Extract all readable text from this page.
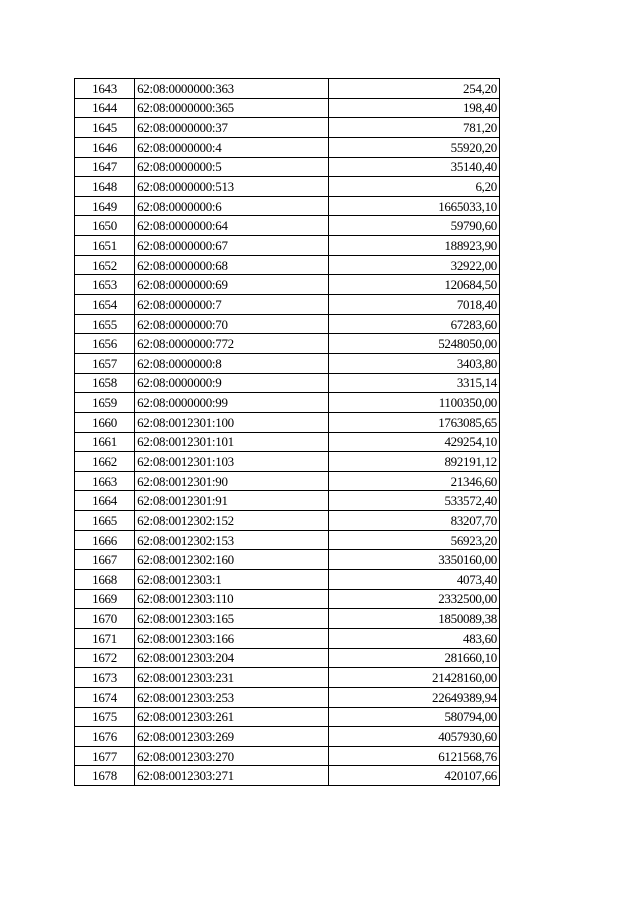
1643	62:08:0000000:363	254,20
1644	62:08:0000000:365	198,40
1645	62:08:0000000:37	781,20
1646	62:08:0000000:4	55920,20
1647	62:08:0000000:5	35140,40
1648	62:08:0000000:513	6,20
1649	62:08:0000000:6	1665033,10
1650	62:08:0000000:64	59790,60
1651	62:08:0000000:67	188923,90
1652	62:08:0000000:68	32922,00
1653	62:08:0000000:69	120684,50
1654	62:08:0000000:7	7018,40
1655	62:08:0000000:70	67283,60
1656	62:08:0000000:772	5248050,00
1657	62:08:0000000:8	3403,80
1658	62:08:0000000:9	3315,14
1659	62:08:0000000:99	1100350,00
1660	62:08:0012301:100	1763085,65
1661	62:08:0012301:101	429254,10
1662	62:08:0012301:103	892191,12
1663	62:08:0012301:90	21346,60
1664	62:08:0012301:91	533572,40
1665	62:08:0012302:152	83207,70
1666	62:08:0012302:153	56923,20
1667	62:08:0012302:160	3350160,00
1668	62:08:0012303:1	4073,40
1669	62:08:0012303:110	2332500,00
1670	62:08:0012303:165	1850089,38
1671	62:08:0012303:166	483,60
1672	62:08:0012303:204	281660,10
1673	62:08:0012303:231	21428160,00
1674	62:08:0012303:253	22649389,94
1675	62:08:0012303:261	580794,00
1676	62:08:0012303:269	4057930,60
1677	62:08:0012303:270	6121568,76
1678	62:08:0012303:271	420107,66
